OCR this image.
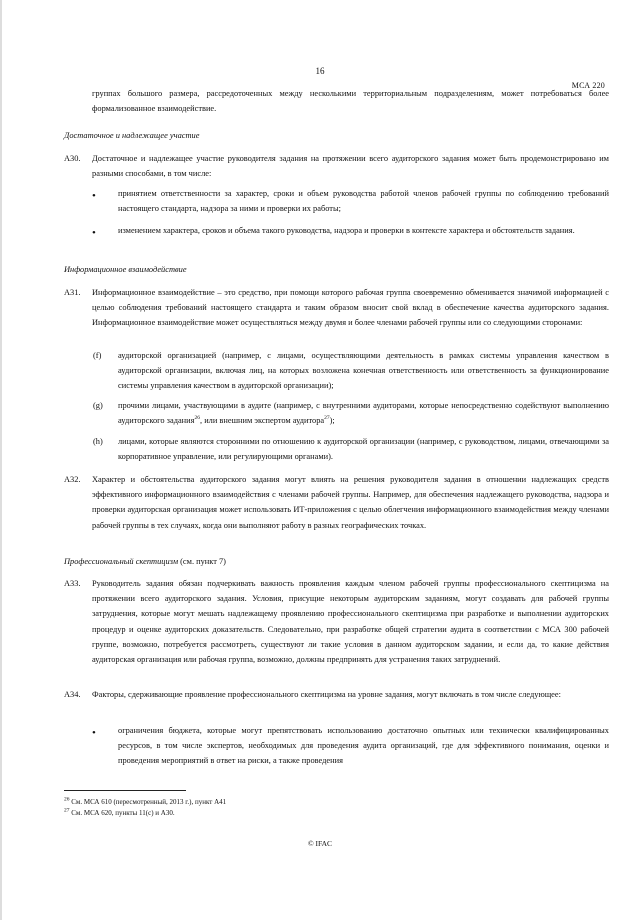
16
МСА 220
группах большого размера, рассредоточенных между несколькими территориальным подразделениям, может потребоваться более формализованное взаимодействие.
Достаточное и надлежащее участие
А30. Достаточное и надлежащее участие руководителя задания на протяжении всего аудиторского задания может быть продемонстрировано им разными способами, в том числе:
•	принятием ответственности за характер, сроки и объем руководства работой членов рабочей группы по соблюдению требований настоящего стандарта, надзора за ними и проверки их работы;
•	изменением характера, сроков и объема такого руководства, надзора и проверки в контексте характера и обстоятельств задания.
Информационное взаимодействие
А31. Информационное взаимодействие – это средство, при помощи которого рабочая группа своевременно обменивается значимой информацией с целью соблюдения требований настоящего стандарта и таким образом вносит свой вклад в обеспечение качества аудиторского задания. Информационное взаимодействие может осуществляться между двумя и более членами рабочей группы или со следующими сторонами:
(f) аудиторской организацией (например, с лицами, осуществляющими деятельность в рамках системы управления качеством в аудиторской организации, включая лиц, на которых возложена конечная ответственность или ответственность за функционирование системы управления качеством в аудиторской организации);
(g) прочими лицами, участвующими в аудите (например, с внутренними аудиторами, которые непосредственно содействуют выполнению аудиторского задания$^{26}$, или внешним экспертом аудитора$^{27}$);
(h) лицами, которые являются сторонними по отношению к аудиторской организации (например, с руководством, лицами, отвечающими за корпоративное управление, или регулирующими органами).
А32. Характер и обстоятельства аудиторского задания могут влиять на решения руководителя задания в отношении надлежащих средств эффективного информационного взаимодействия с членами рабочей группы. Например, для обеспечения надлежащего руководства, надзора и проверки аудиторская организация может использовать ИТ-приложения с целью облегчения информационного взаимодействия между членами рабочей группы в тех случаях, когда они выполняют работу в разных географических точках.
Профессиональный скептицизм (см. пункт 7)
А33. Руководитель задания обязан подчеркивать важность проявления каждым членом рабочей группы профессионального скептицизма на протяжении всего аудиторского задания. Условия, присущие некоторым аудиторским заданиям, могут создавать для рабочей группы затруднения, которые могут мешать надлежащему проявлению профессионального скептицизма при разработке и выполнении аудиторских процедур и оценке аудиторских доказательств. Следовательно, при разработке общей стратегии аудита в соответствии с МСА 300 рабочей группе, возможно, потребуется рассмотреть, существуют ли такие условия в данном аудиторском задании, и если да, то какие действия аудиторская организация или рабочая группа, возможно, должны предпринять для устранения таких затруднений.
А34. Факторы, сдерживающие проявление профессионального скептицизма на уровне задания, могут включать в том числе следующее:
•	ограничения бюджета, которые могут препятствовать использованию достаточно опытных или технически квалифицированных ресурсов, в том числе экспертов, необходимых для проведения аудита организаций, где для эффективного понимания, оценки и проведения мероприятий в ответ на риски, а также проведения
$^{26}$ См. МСА 610 (пересмотренный, 2013 г.), пункт А41
$^{27}$ См. МСА 620, пункты 11(с) и А30.
© IFAC
